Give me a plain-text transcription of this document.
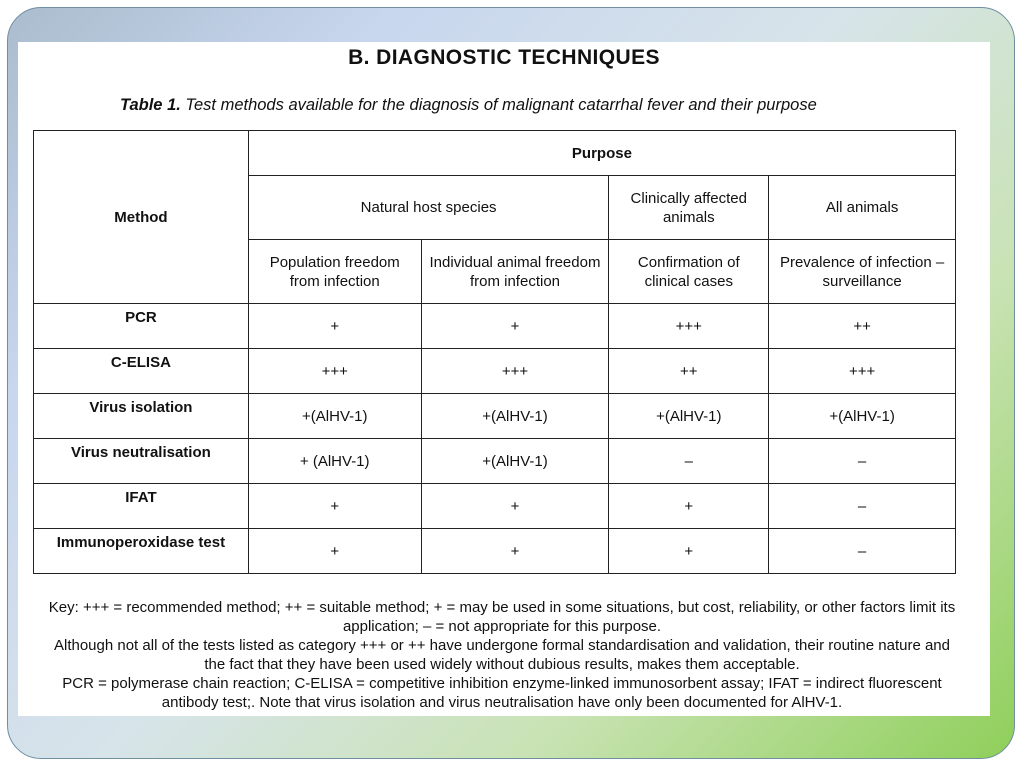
B. DIAGNOSTIC TECHNIQUES
Table 1. Test methods available for the diagnosis of malignant catarrhal fever and their purpose
Method	Purpose			
	Natural host species		Clinically affected animals	All animals
	Population freedom from infection	Individual animal freedom from infection	Confirmation of clinical cases	Prevalence of infection – surveillance
PCR	+	+	+++	++
C-ELISA	+++	+++	++	+++
Virus isolation	+(AlHV-1)	+(AlHV-1)	+(AlHV-1)	+(AlHV-1)
Virus neutralisation	+ (AlHV-1)	+(AlHV-1)	–	–
IFAT	+	+	+	–
Immunoperoxidase test	+	+	+	–

Key: +++ = recommended method; ++ = suitable method; + = may be used in some situations, but cost, reliability, or other factors limit its application; – = not appropriate for this purpose.

Although not all of the tests listed as category +++ or ++ have undergone formal standardisation and validation, their routine nature and the fact that they have been used widely without dubious results, makes them acceptable.

PCR = polymerase chain reaction; C-ELISA = competitive inhibition enzyme-linked immunosorbent assay; IFAT = indirect fluorescent antibody test;. Note that virus isolation and virus neutralisation have only been documented for AlHV-1.
